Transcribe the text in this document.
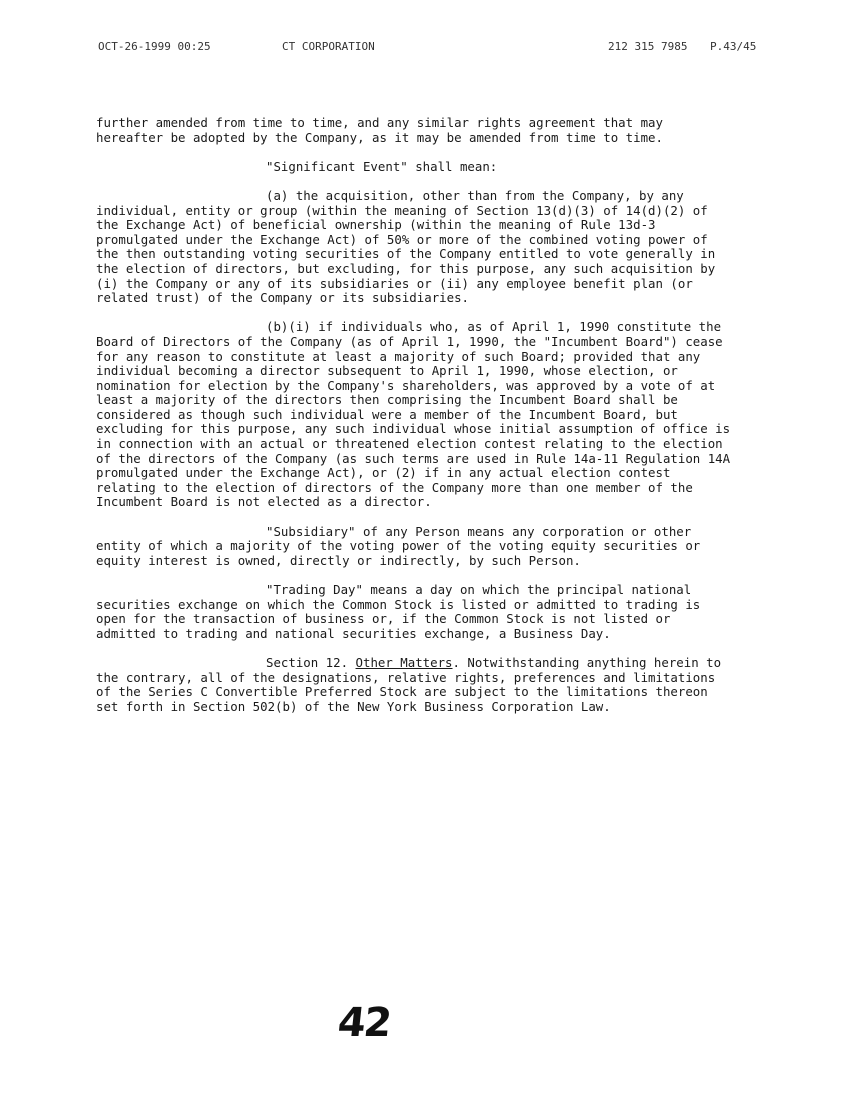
OCT-26-1999 00:25	CT CORPORATION	212 315 7985 P.43/45

further amended from time to time, and any similar rights agreement that may hereafter be adopted by the Company, as it may be amended from time to time.

"Significant Event" shall mean:

(a) the acquisition, other than from the Company, by any individual, entity or group (within the meaning of Section 13(d)(3) of 14(d)(2) of the Exchange Act) of beneficial ownership (within the meaning of Rule 13d-3 promulgated under the Exchange Act) of 50% or more of the combined voting power of the then outstanding voting securities of the Company entitled to vote generally in the election of directors, but excluding, for this purpose, any such acquisition by (i) the Company or any of its subsidiaries or (ii) any employee benefit plan (or related trust) of the Company or its subsidiaries.

(b)(i) if individuals who, as of April 1, 1990 constitute the Board of Directors of the Company (as of April 1, 1990, the "Incumbent Board") cease for any reason to constitute at least a majority of such Board; provided that any individual becoming a director subsequent to April 1, 1990, whose election, or nomination for election by the Company's shareholders, was approved by a vote of at least a majority of the directors then comprising the Incumbent Board shall be considered as though such individual were a member of the Incumbent Board, but excluding for this purpose, any such individual whose initial assumption of office is in connection with an actual or threatened election contest relating to the election of the directors of the Company (as such terms are used in Rule 14a-11 Regulation 14A promulgated under the Exchange Act), or (2) if in any actual election contest relating to the election of directors of the Company more than one member of the Incumbent Board is not elected as a director.

"Subsidiary" of any Person means any corporation or other entity of which a majority of the voting power of the voting equity securities or equity interest is owned, directly or indirectly, by such Person.

"Trading Day" means a day on which the principal national securities exchange on which the Common Stock is listed or admitted to trading is open for the transaction of business or, if the Common Stock is not listed or admitted to trading and national securities exchange, a Business Day.

Section 12. Other Matters. Notwithstanding anything herein to the contrary, all of the designations, relative rights, preferences and limitations of the Series C Convertible Preferred Stock are subject to the limitations thereon set forth in Section 502(b) of the New York Business Corporation Law.

42
